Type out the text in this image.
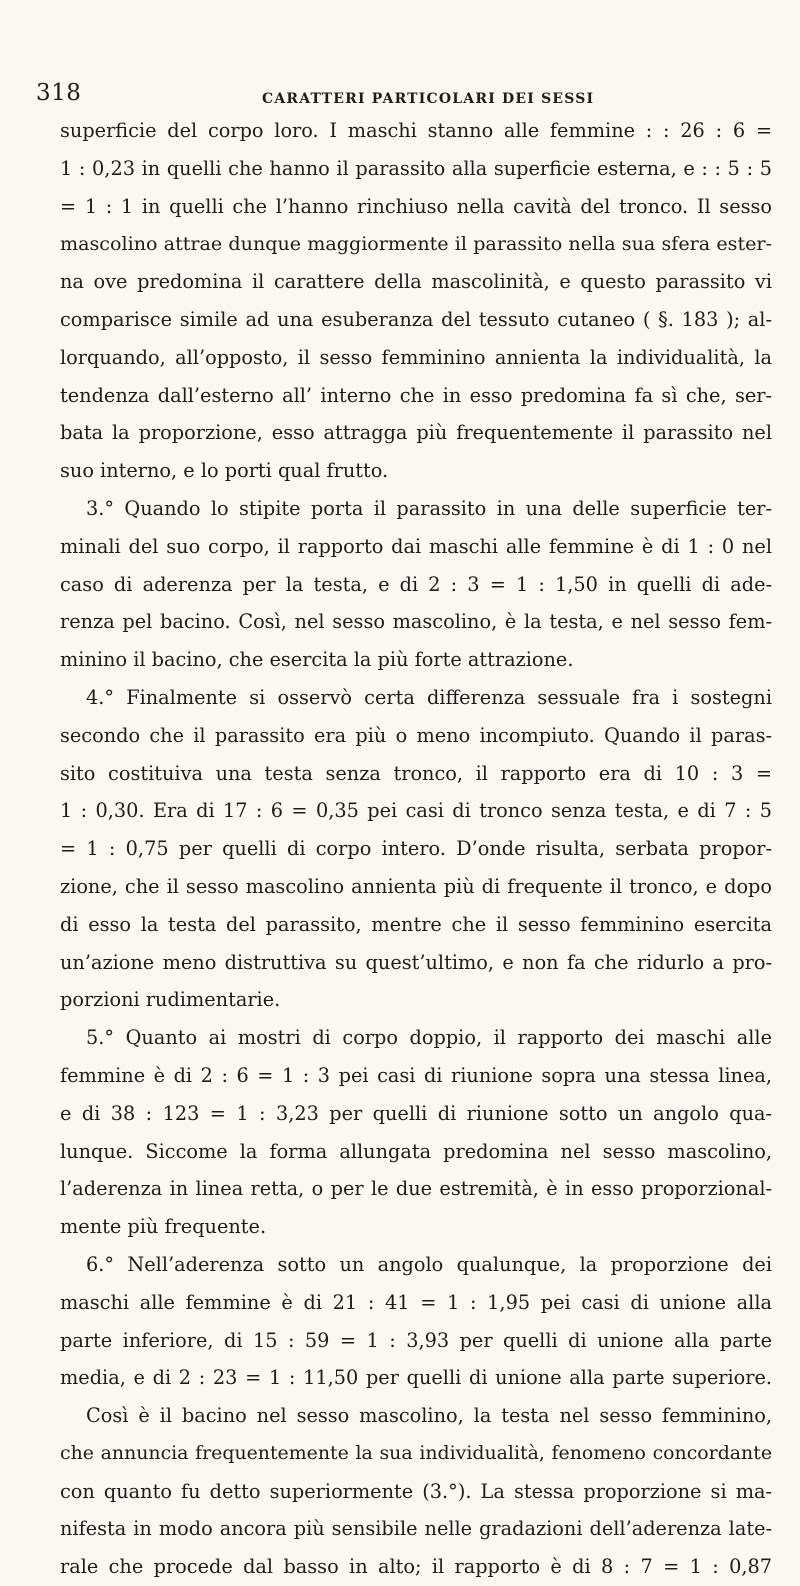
318	CARATTERI PARTICOLARI DEI SESSI
superficie del corpo loro. I maschi stanno alle femmine : : 26 : 6 =
1 : 0,23 in quelli che hanno il parassito alla superficie esterna, e : : 5 : 5
= 1 : 1 in quelli che l’hanno rinchiuso nella cavità del tronco. Il sesso
mascolino attrae dunque maggiormente il parassito nella sua sfera ester-
na ove predomina il carattere della mascolinità, e questo parassito vi
comparisce simile ad una esuberanza del tessuto cutaneo ( §. 183 ); al-
lorquando, all’opposto, il sesso femminino annienta la individualità, la
tendenza dall’esterno all’ interno che in esso predomina fa sì che, ser-
bata la proporzione, esso attragga più frequentemente il parassito nel
suo interno, e lo porti qual frutto.
3.° Quando lo stipite porta il parassito in una delle superficie ter-
minali del suo corpo, il rapporto dai maschi alle femmine è di 1 : 0 nel
caso di aderenza per la testa, e di 2 : 3 = 1 : 1,50 in quelli di ade-
renza pel bacino. Così, nel sesso mascolino, è la testa, e nel sesso fem-
minino il bacino, che esercita la più forte attrazione.
4.° Finalmente si osservò certa differenza sessuale fra i sostegni
secondo che il parassito era più o meno incompiuto. Quando il paras-
sito costituiva una testa senza tronco, il rapporto era di 10 : 3 =
1 : 0,30. Era di 17 : 6 = 0,35 pei casi di tronco senza testa, e di 7 : 5
= 1 : 0,75 per quelli di corpo intero. D’onde risulta, serbata propor-
zione, che il sesso mascolino annienta più di frequente il tronco, e dopo
di esso la testa del parassito, mentre che il sesso femminino esercita
un’azione meno distruttiva su quest’ultimo, e non fa che ridurlo a pro-
porzioni rudimentarie.
5.° Quanto ai mostri di corpo doppio, il rapporto dei maschi alle
femmine è di 2 : 6 = 1 : 3 pei casi di riunione sopra una stessa linea,
e di 38 : 123 = 1 : 3,23 per quelli di riunione sotto un angolo qua-
lunque. Siccome la forma allungata predomina nel sesso mascolino,
l’aderenza in linea retta, o per le due estremità, è in esso proporzional-
mente più frequente.
6.° Nell’aderenza sotto un angolo qualunque, la proporzione dei
maschi alle femmine è di 21 : 41 = 1 : 1,95 pei casi di unione alla
parte inferiore, di 15 : 59 = 1 : 3,93 per quelli di unione alla parte
media, e di 2 : 23 = 1 : 11,50 per quelli di unione alla parte superiore.
Così è il bacino nel sesso mascolino, la testa nel sesso femminino,
che annuncia frequentemente la sua individualità, fenomeno concordante
con quanto fu detto superiormente (3.°). La stessa proporzione si ma-
nifesta in modo ancora più sensibile nelle gradazioni dell’aderenza late-
rale che procede dal basso in alto; il rapporto è di 8 : 7 = 1 : 0,87
